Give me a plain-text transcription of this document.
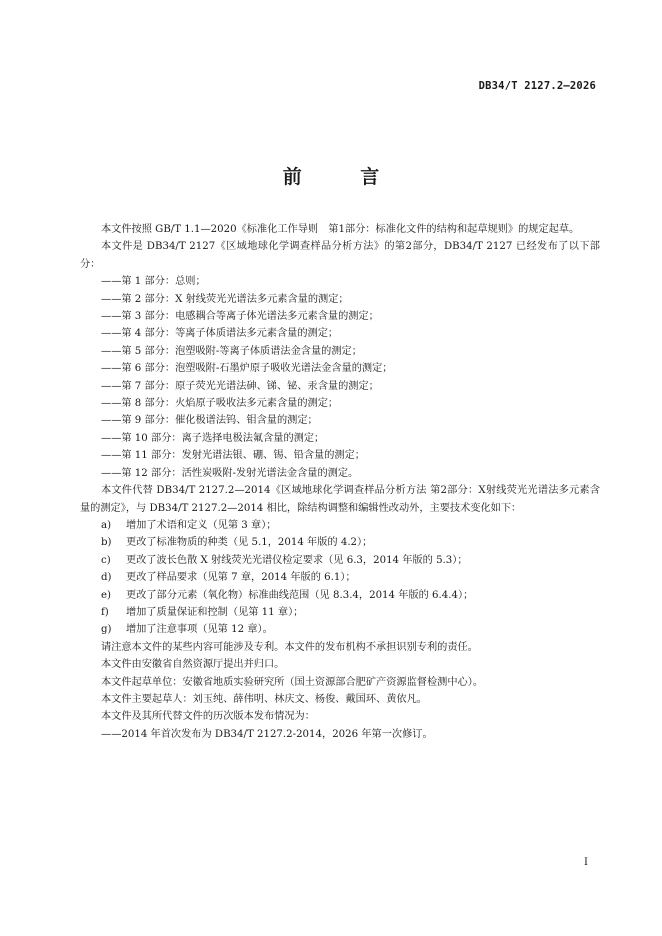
DB34/T 2127.2—2026
前 言

本文件按照 GB/T 1.1—2020《标准化工作导则　第1部分：标准化文件的结构和起草规则》的规定起草。

本文件是 DB34/T 2127《区域地球化学调查样品分析方法》的第2部分，DB34/T 2127 已经发布了以下部分：

——第 1 部分：总则；

——第 2 部分：X 射线荧光光谱法多元素含量的测定；

——第 3 部分：电感耦合等离子体光谱法多元素含量的测定；

——第 4 部分：等离子体质谱法多元素含量的测定；

——第 5 部分：泡塑吸附-等离子体质谱法金含量的测定；

——第 6 部分：泡塑吸附-石墨炉原子吸收光谱法金含量的测定；

——第 7 部分：原子荧光光谱法砷、锑、铋、汞含量的测定；

——第 8 部分：火焰原子吸收法多元素含量的测定；

——第 9 部分：催化极谱法钨、钼含量的测定；

——第 10 部分：离子选择电极法氟含量的测定；

——第 11 部分：发射光谱法银、硼、锡、铅含量的测定；

——第 12 部分：活性炭吸附-发射光谱法金含量的测定。

本文件代替 DB34/T 2127.2—2014《区域地球化学调查样品分析方法 第2部分：X射线荧光光谱法多元素含量的测定》，与 DB34/T 2127.2—2014 相比，除结构调整和编辑性改动外，主要技术变化如下：

a)	增加了术语和定义（见第 3 章）；
b)	更改了标准物质的种类（见 5.1，2014 年版的 4.2）；
c)	更改了波长色散 X 射线荧光光谱仪检定要求（见 6.3，2014 年版的 5.3）；
d)	更改了样品要求（见第 7 章，2014 年版的 6.1）；
e)	更改了部分元素（氧化物）标准曲线范围（见 8.3.4，2014 年版的 6.4.4）；
f)	增加了质量保证和控制（见第 11 章）；
g)	增加了注意事项（见第 12 章）。

请注意本文件的某些内容可能涉及专利。本文件的发布机构不承担识别专利的责任。

本文件由安徽省自然资源厅提出并归口。

本文件起草单位：安徽省地质实验研究所（国土资源部合肥矿产资源监督检测中心）。

本文件主要起草人：刘玉纯、薛伟明、林庆文、杨俊、戴国环、黄依凡。

本文件及其所代替文件的历次版本发布情况为：

——2014 年首次发布为 DB34/T 2127.2-2014，2026 年第一次修订。

I
